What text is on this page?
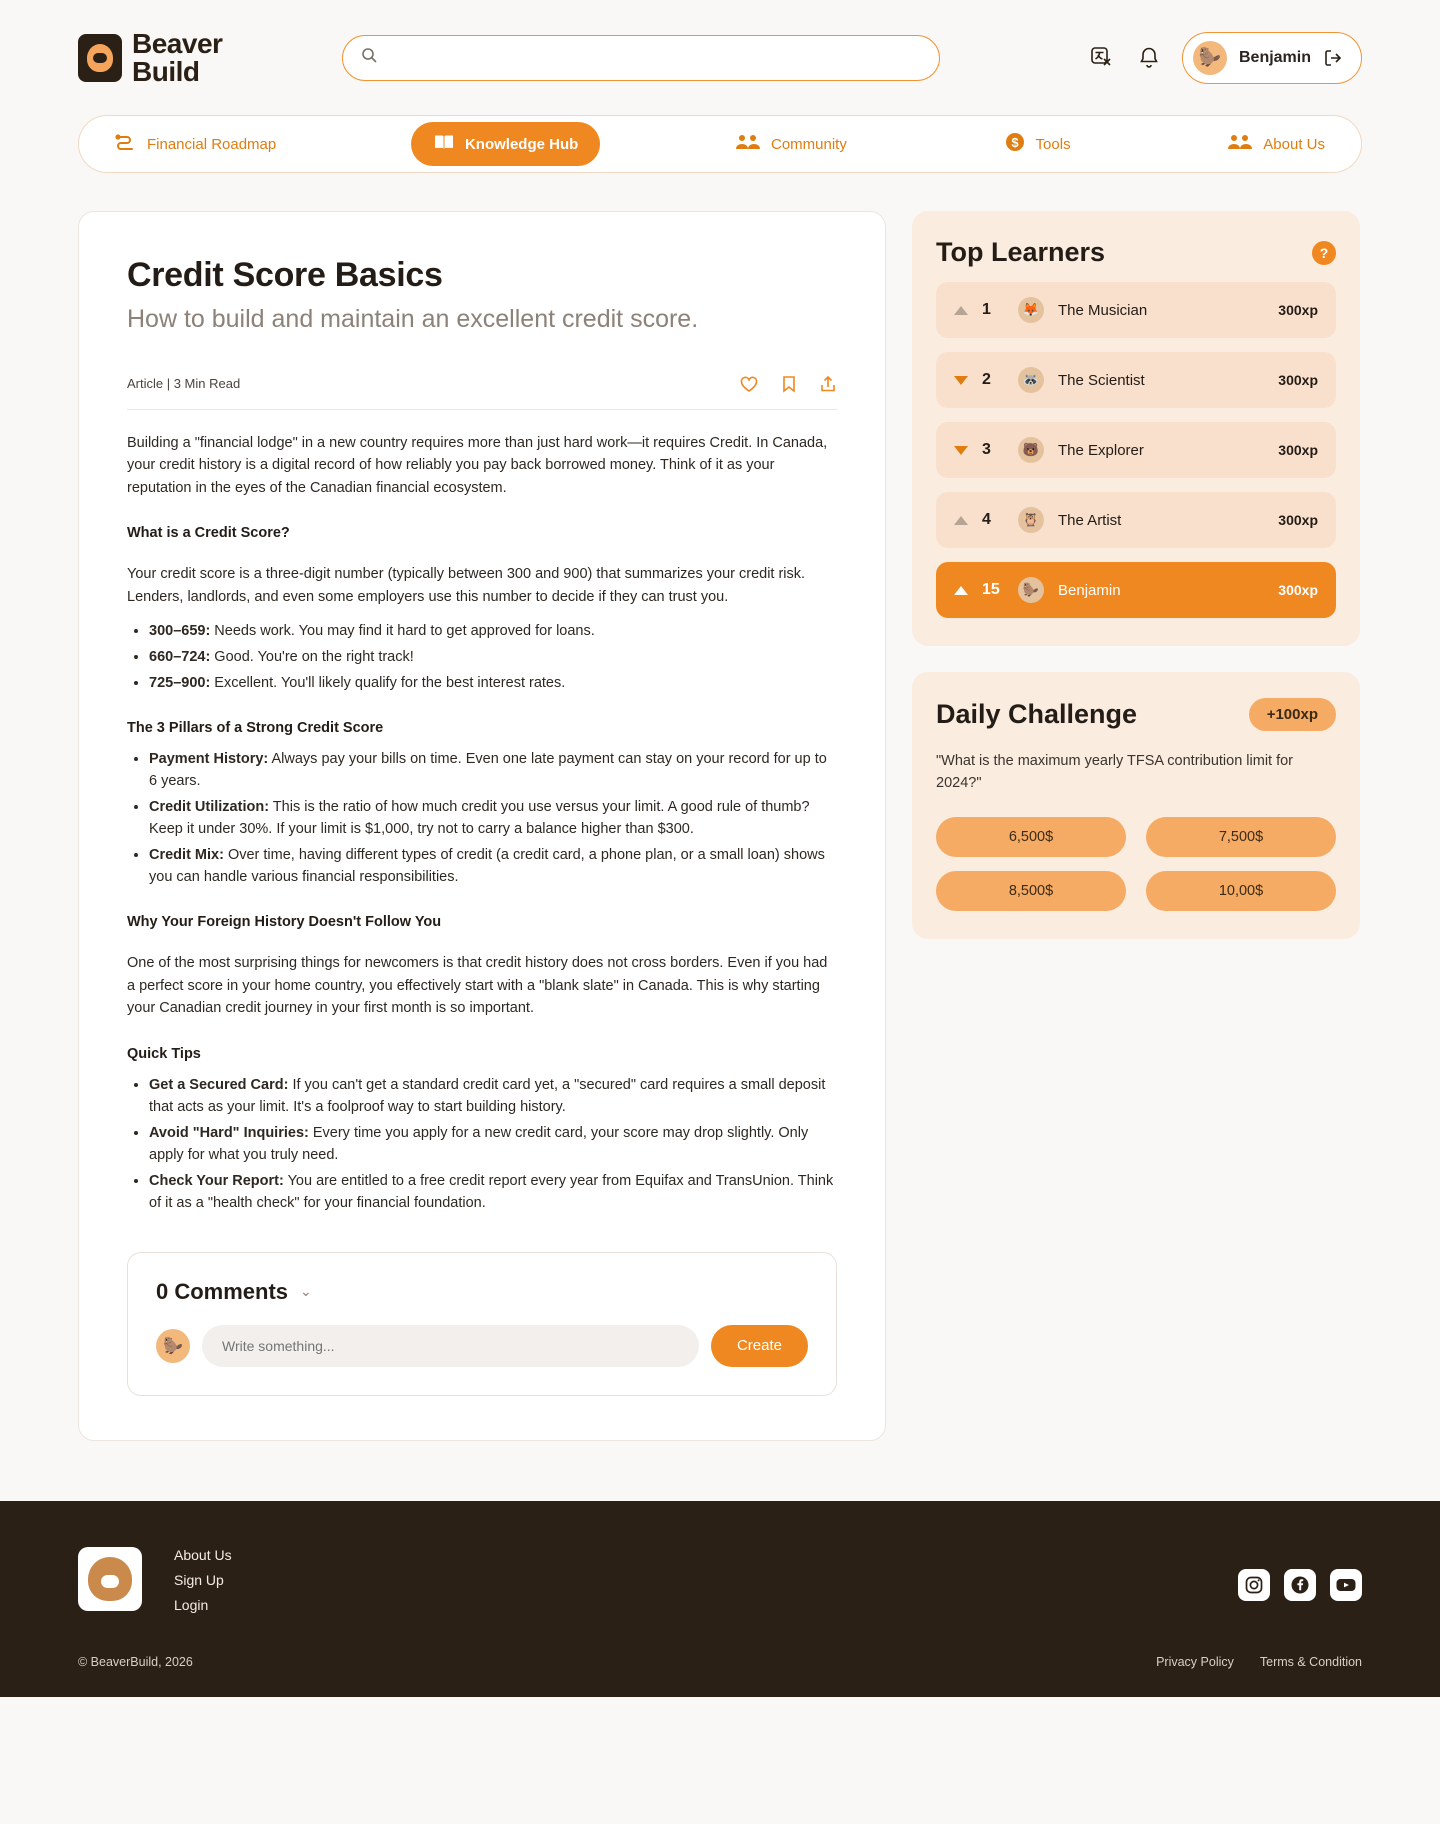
Beaver
Build	🦫	Benjamin
Financial Roadmap	Knowledge Hub	Community	$ Tools	About Us
Credit Score Basics
How to build and maintain an excellent credit score.
Article | 3 Min Read

Building a "financial lodge" in a new country requires more than just hard work—it requires Credit. In Canada, your credit history is a digital record of how reliably you pay back borrowed money. Think of it as your reputation in the eyes of the Canadian financial ecosystem.

What is a Credit Score?

Your credit score is a three-digit number (typically between 300 and 900) that summarizes your credit risk. Lenders, landlords, and even some employers use this number to decide if they can trust you.

• 300–659: Needs work. You may find it hard to get approved for loans.
• 660–724: Good. You're on the right track!
• 725–900: Excellent. You'll likely qualify for the best interest rates.
The 3 Pillars of a Strong Credit Score
• Payment History: Always pay your bills on time. Even one late payment can stay on your record for up to 6 years.
• Credit Utilization: This is the ratio of how much credit you use versus your limit. A good rule of thumb? Keep it under 30%. If your limit is $1,000, try not to carry a balance higher than $300.
• Credit Mix: Over time, having different types of credit (a credit card, a phone plan, or a small loan) shows you can handle various financial responsibilities.
Why Your Foreign History Doesn't Follow You

One of the most surprising things for newcomers is that credit history does not cross borders. Even if you had a perfect score in your home country, you effectively start with a "blank slate" in Canada. This is why starting your Canadian credit journey in your first month is so important.

Quick Tips
• Get a Secured Card: If you can't get a standard credit card yet, a "secured" card requires a small deposit that acts as your limit. It's a foolproof way to start building history.
• Avoid "Hard" Inquiries: Every time you apply for a new credit card, your score may drop slightly. Only apply for what you truly need.
• Check Your Report: You are entitled to a free credit report every year from Equifax and TransUnion. Think of it as a "health check" for your financial foundation.
0 Comments ⌄
🦫
Write something...	Create
Top Learners	?
1	🦊	The Musician	300xp
2	🦝	The Scientist	300xp
3	🐻	The Explorer	300xp
4	🦉	The Artist	300xp
15	🦫	Benjamin	300xp
Daily Challenge	+100xp
"What is the maximum yearly TFSA contribution limit for 2024?"
6,500$	7,500$
8,500$	10,00$
About Us
Sign Up
Login
© BeaverBuild, 2026	Privacy Policy Terms & Condition
